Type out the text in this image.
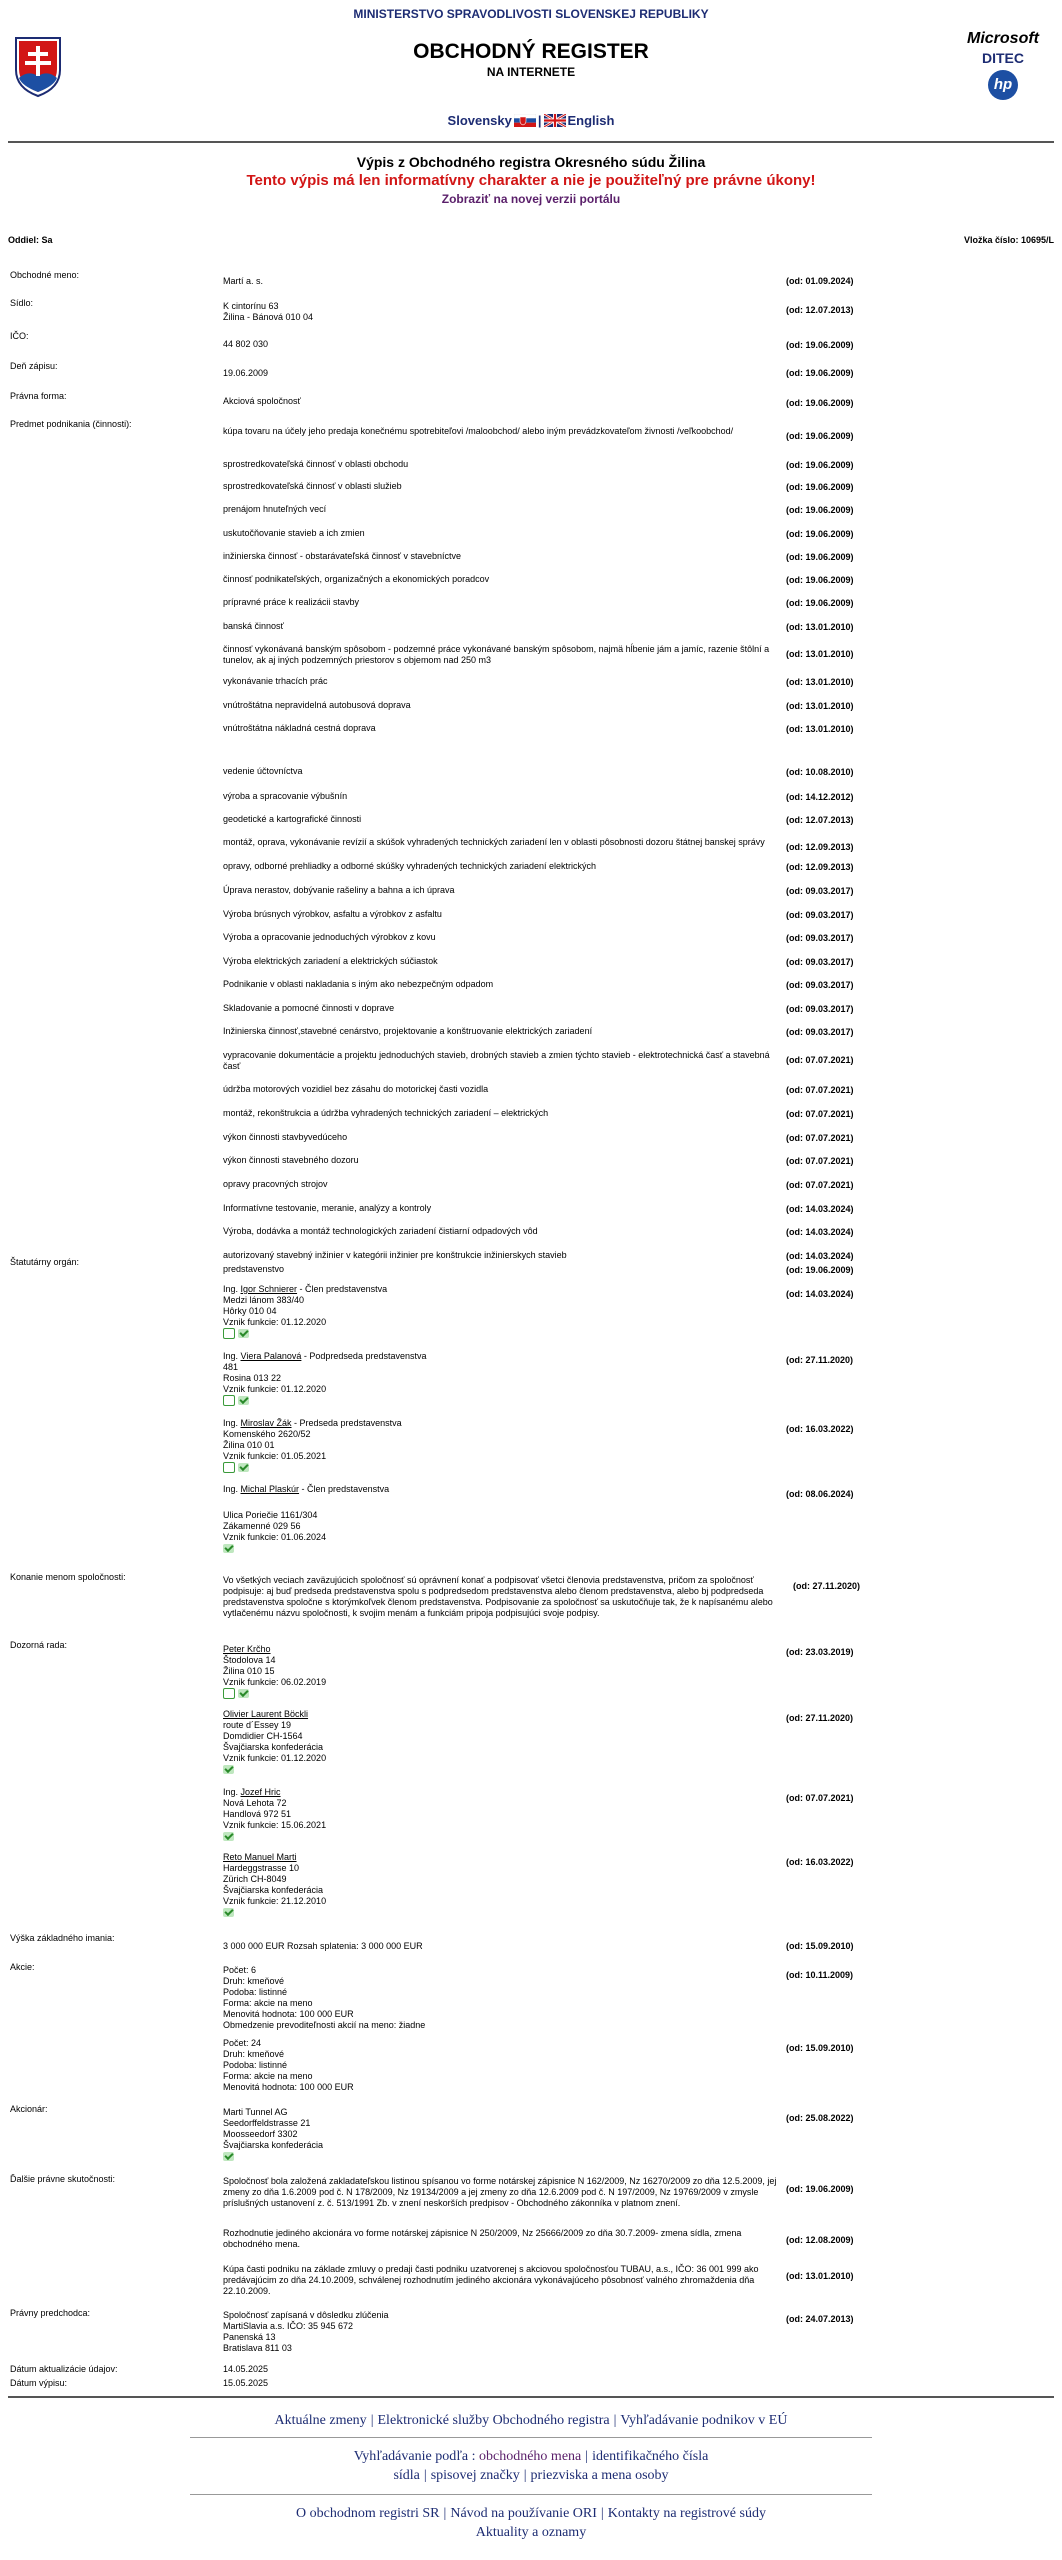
MINISTERSTVO SPRAVODLIVOSTI SLOVENSKEJ REPUBLIKY
OBCHODNÝ REGISTER
NA INTERNETE
Slovensky | English
Microsoft
DITEC
hp
Výpis z Obchodného registra Okresného súdu Žilina
Tento výpis má len informatívny charakter a nie je použiteľný pre právne úkony!
Zobraziť na novej verzii portálu
Oddiel: Sa	Vložka číslo: 10695/L
Obchodné meno:
Martí a. s.	(od: 01.09.2024)
Sídlo:	K cintorínu 63
Žilina - Bánová 010 04
(od: 12.07.2013)
IČO:
44 802 030	(od: 19.06.2009)
Deň zápisu:
19.06.2009	(od: 19.06.2009)
Právna forma:	Akciová spoločnosť	(od: 19.06.2009)
Predmet podnikania (činnosti):
kúpa tovaru na účely jeho predaja konečnému spotrebiteľovi /maloobchod/ alebo iným prevádzkovateľom živnosti /veľkoobchod/	(od: 19.06.2009)
sprostredkovateľská činnosť v oblasti obchodu	(od: 19.06.2009)
sprostredkovateľská činnosť v oblasti služieb	(od: 19.06.2009)
prenájom hnuteľných vecí	(od: 19.06.2009)
uskutočňovanie stavieb a ich zmien	(od: 19.06.2009)
inžinierska činnosť - obstarávateľská činnosť v stavebníctve	(od: 19.06.2009)
činnosť podnikateľských, organizačných a ekonomických poradcov	(od: 19.06.2009)
prípravné práce k realizácii stavby	(od: 19.06.2009)
banská činnosť	(od: 13.01.2010)
činnosť vykonávaná banským spôsobom - podzemné práce vykonávané banským spôsobom, najmä hĺbenie jám a jamíc, razenie štôlní a tunelov, ak aj iných podzemných priestorov s objemom nad 250 m3
(od: 13.01.2010)
vykonávanie trhacích prác	(od: 13.01.2010)
vnútroštátna nepravidelná autobusová doprava	(od: 13.01.2010)
vnútroštátna nákladná cestná doprava	(od: 13.01.2010)
vedenie účtovníctva	(od: 10.08.2010)
výroba a spracovanie výbušnín	(od: 14.12.2012)
geodetické a kartografické činnosti	(od: 12.07.2013)
montáž, oprava, vykonávanie revízií a skúšok vyhradených technických zariadení len v oblasti pôsobnosti dozoru štátnej banskej správy	(od: 12.09.2013)
opravy, odborné prehliadky a odborné skúšky vyhradených technických zariadení elektrických	(od: 12.09.2013)
Úprava nerastov, dobývanie rašeliny a bahna a ich úprava	(od: 09.03.2017)
Výroba brúsnych výrobkov, asfaltu a výrobkov z asfaltu	(od: 09.03.2017)
Výroba a opracovanie jednoduchých výrobkov z kovu	(od: 09.03.2017)
Výroba elektrických zariadení a elektrických súčiastok	(od: 09.03.2017)
Podnikanie v oblasti nakladania s iným ako nebezpečným odpadom	(od: 09.03.2017)
Skladovanie a pomocné činnosti v doprave	(od: 09.03.2017)
Inžinierska činnosť,stavebné cenárstvo, projektovanie a konštruovanie elektrických zariadení	(od: 09.03.2017)
vypracovanie dokumentácie a projektu jednoduchých stavieb, drobných stavieb a zmien týchto stavieb - elektrotechnická časť a stavebná časť
(od: 07.07.2021)
údržba motorových vozidiel bez zásahu do motorickej časti vozidla	(od: 07.07.2021)
montáž, rekonštrukcia a údržba vyhradených technických zariadení – elektrických	(od: 07.07.2021)
výkon činnosti stavbyvedúceho	(od: 07.07.2021)
výkon činnosti stavebného dozoru	(od: 07.07.2021)
opravy pracovných strojov	(od: 07.07.2021)
Informatívne testovanie, meranie, analýzy a kontroly	(od: 14.03.2024)
Výroba, dodávka a montáž technologických zariadení čistiarní odpadových vôd	(od: 14.03.2024)
autorizovaný stavebný inžinier v kategórii inžinier pre konštrukcie inžinierskych stavieb	(od: 14.03.2024)
Štatutárny orgán:
predstavenstvo	(od: 19.06.2009)
Ing. Igor Schnierer - Člen predstavenstva
Medzi lánom 383/40
Hôrky 010 04
Vznik funkcie: 01.12.2020
(od: 14.03.2024)
Ing. Viera Palanová - Podpredseda predstavenstva
481
Rosina 013 22
Vznik funkcie: 01.12.2020
(od: 27.11.2020)
Ing. Miroslav Žák - Predseda predstavenstva
Komenského 2620/52
Žilina 010 01
Vznik funkcie: 01.05.2021
(od: 16.03.2022)
Ing. Michal Plaskúr - Člen predstavenstva
Ulica Poriečie 1161/304
Zákamenné 029 56
Vznik funkcie: 01.06.2024
(od: 08.06.2024)
Konanie menom spoločnosti:	Vo všetkých veciach zaväzujúcich spoločnosť sú oprávnení konať a podpisovať všetci členovia predstavenstva, pričom za spoločnosť podpisuje: aj buď predseda predstavenstva spolu s podpredsedom predstavenstva alebo členom predstavenstva, alebo bj podpredseda predstavenstva spoločne s ktorýmkoľvek členom predstavenstva. Podpisovanie za spoločnosť sa uskutočňuje tak, že k napísanému alebo vytlačenému názvu spoločnosti, k svojim menám a funkciám pripoja podpisujúci svoje podpisy.
(od: 27.11.2020)
Dozorná rada:	Peter Krčho
Štodolova 14
Žilina 010 15
Vznik funkcie: 06.02.2019
(od: 23.03.2019)
Olivier Laurent Böckli
route d´Essey 19
Domdidier CH-1564
Švajčiarska konfederácia
Vznik funkcie: 01.12.2020
(od: 27.11.2020)
Ing. Jozef Hric
Nová Lehota 72
Handlová 972 51
Vznik funkcie: 15.06.2021
(od: 07.07.2021)
Reto Manuel Marti
Hardeggstrasse 10
Zürich CH-8049
Švajčiarska konfederácia
Vznik funkcie: 21.12.2010
(od: 16.03.2022)
Výška základného imania:
3 000 000 EUR Rozsah splatenia: 3 000 000 EUR	(od: 15.09.2010)
Akcie:	Počet: 6
Druh: kmeňové
Podoba: listinné
Forma: akcie na meno
Menovitá hodnota: 100 000 EUR
Obmedzenie prevoditeľnosti akcií na meno: žiadne
(od: 10.11.2009)
Počet: 24
Druh: kmeňové
Podoba: listinné
Forma: akcie na meno
Menovitá hodnota: 100 000 EUR
(od: 15.09.2010)
Akcionár:	Marti Tunnel AG
Seedorffeldstrasse 21
Moosseedorf 3302
Švajčiarska konfederácia
(od: 25.08.2022)
Ďalšie právne skutočnosti:	Spoločnosť bola založená zakladateľskou listinou spísanou vo forme notárskej zápisnice N 162/2009, Nz 16270/2009 zo dňa 12.5.2009, jej zmeny zo dňa 1.6.2009 pod č. N 178/2009, Nz 19134/2009 a jej zmeny zo dňa 12.6.2009 pod č. N 197/2009, Nz 19769/2009 v zmysle príslušných ustanovení z. č. 513/1991 Zb. v znení neskorších predpisov - Obchodného zákonníka v platnom znení.
(od: 19.06.2009)
Rozhodnutie jediného akcionára vo forme notárskej zápisnice N 250/2009, Nz 25666/2009 zo dňa 30.7.2009- zmena sídla, zmena obchodného mena.	(od: 12.08.2009)
Kúpa časti podniku na základe zmluvy o predaji časti podniku uzatvorenej s akciovou spoločnosťou TUBAU, a.s., IČO: 36 001 999 ako predávajúcim zo dňa 24.10.2009, schválenej rozhodnutím jediného akcionára vykonávajúceho pôsobnosť valného zhromaždenia dňa 22.10.2009.
(od: 13.01.2010)
Právny predchodca:	Spoločnosť zapísaná v dôsledku zlúčenia
MartiSlavia a.s. IČO: 35 945 672
Panenská 13
Bratislava 811 03
(od: 24.07.2013)
Dátum aktualizácie údajov:	14.05.2025
Dátum výpisu:	15.05.2025
Aktuálne zmeny | Elektronické služby Obchodného registra | Vyhľadávanie podnikov v EÚ
Vyhľadávanie podľa : obchodného mena | identifikačného čísla
sídla | spisovej značky | priezviska a mena osoby
O obchodnom registri SR | Návod na používanie ORI | Kontakty na registrové súdy
Aktuality a oznamy
